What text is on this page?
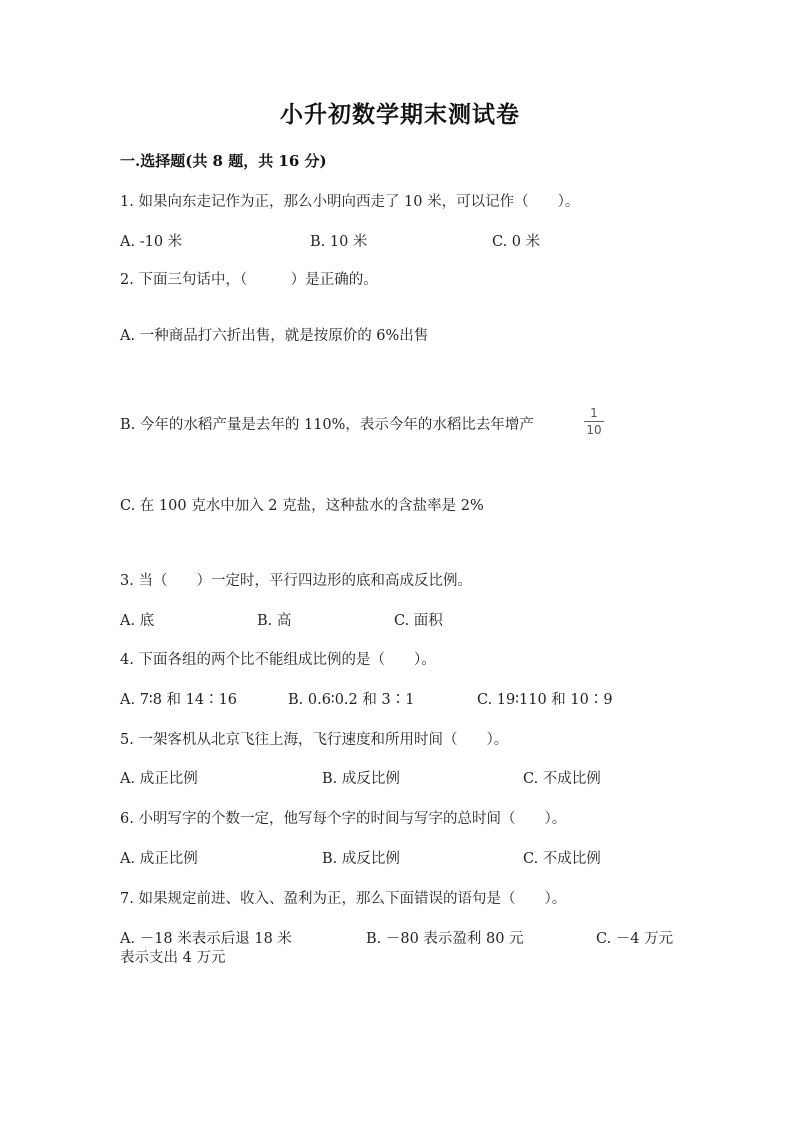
小升初数学期末测试卷
一.选择题(共 8 题，共 16 分)
1. 如果向东走记作为正，那么小明向西走了 10 米，可以记作（　　）。
A. -10 米	B. 10 米	C. 0 米
2. 下面三句话中，（　　　）是正确的。
A. 一种商品打六折出售，就是按原价的 6%出售
B. 今年的水稻产量是去年的 110%，表示今年的水稻比去年增产
1
10
C. 在 100 克水中加入 2 克盐，这种盐水的含盐率是 2%
3. 当（　　）一定时，平行四边形的底和高成反比例。
A. 底	B. 高	C. 面积
4. 下面各组的两个比不能组成比例的是（　　）。
A. 7∶8 和 14∶16	B. 0.6∶0.2 和 3∶1	C. 19∶110 和 10∶9
5. 一架客机从北京飞往上海，飞行速度和所用时间（　　）。
A. 成正比例	B. 成反比例	C. 不成比例
6. 小明写字的个数一定，他写每个字的时间与写字的总时间（　　）。
A. 成正比例	B. 成反比例	C. 不成比例
7. 如果规定前进、收入、盈利为正，那么下面错误的语句是（　　）。
A. －18 米表示后退 18 米	B. －80 表示盈利 80 元	C. －4 万元
表示支出 4 万元
